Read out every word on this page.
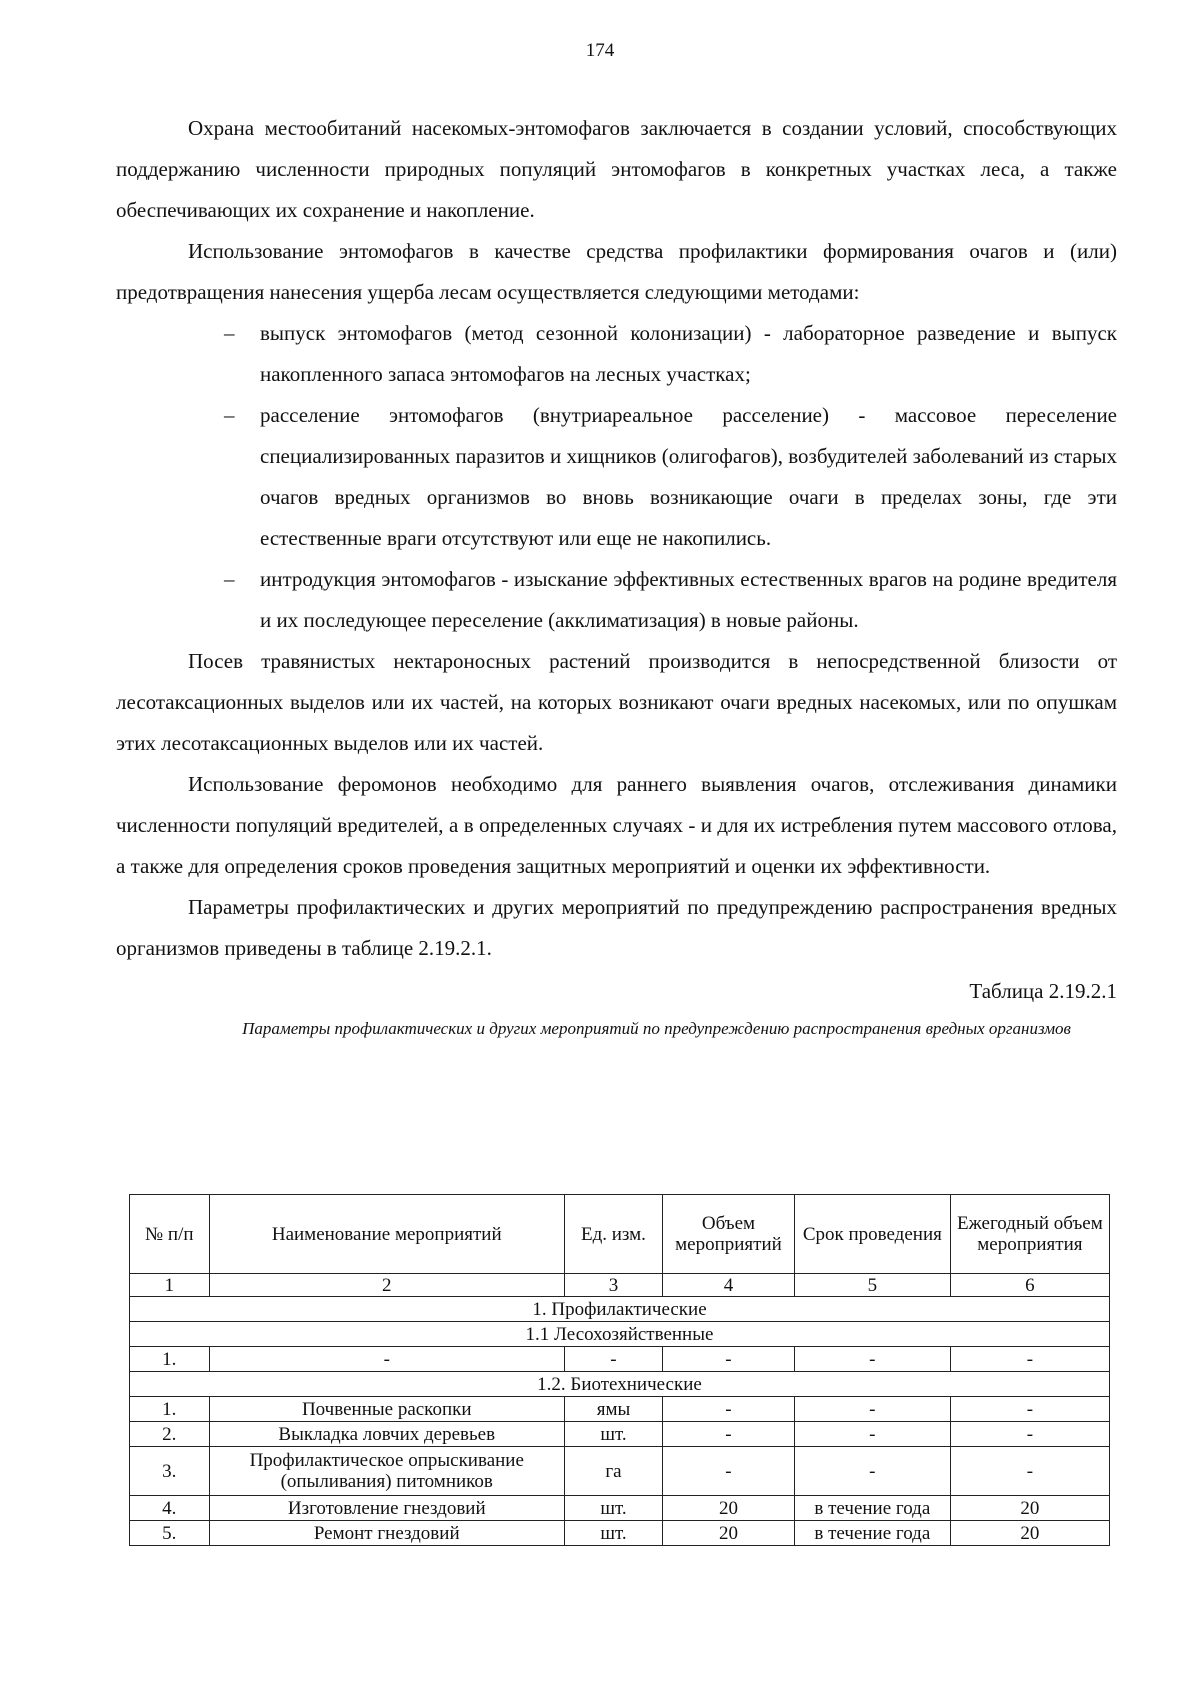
174

Охрана местообитаний насекомых-энтомофагов заключается в создании условий, способствующих поддержанию численности природных популяций энтомофагов в конкретных участках леса, а также обеспечивающих их сохранение и накопление.

Использование энтомофагов в качестве средства профилактики формирования очагов и (или) предотвращения нанесения ущерба лесам осуществляется следующими методами:

– выпуск энтомофагов (метод сезонной колонизации) - лабораторное разведение и выпуск накопленного запаса энтомофагов на лесных участках;
– расселение энтомофагов (внутриареальное расселение) - массовое переселение специализированных паразитов и хищников (олигофагов), возбудителей заболеваний из старых очагов вредных организмов во вновь возникающие очаги в пределах зоны, где эти естественные враги отсутствуют или еще не накопились.
– интродукция энтомофагов - изыскание эффективных естественных врагов на родине вредителя и их последующее переселение (акклиматизация) в новые районы.

Посев травянистых нектароносных растений производится в непосредственной близости от лесотаксационных выделов или их частей, на которых возникают очаги вредных насекомых, или по опушкам этих лесотаксационных выделов или их частей.

Использование феромонов необходимо для раннего выявления очагов, отслеживания динамики численности популяций вредителей, а в определенных случаях - и для их истребления путем массового отлова, а также для определения сроков проведения защитных мероприятий и оценки их эффективности.

Параметры профилактических и других мероприятий по предупреждению распространения вредных организмов приведены в таблице 2.19.2.1.

Таблица 2.19.2.1

Параметры профилактических и других мероприятий по предупреждению распространения вредных организмов

№ п/п	Наименование мероприятий	Ед. изм.	Объем мероприятий	Срок проведения	Ежегодный объем мероприятия
1	2	3	4	5	6
1. Профилактические					
1.1 Лесохозяйственные					
1.	-	-	-	-	-
1.2. Биотехнические					
1.	Почвенные раскопки	ямы	-	-	-
2.	Выкладка ловчих деревьев	шт.	-	-	-
3.	Профилактическое опрыскивание (опыливания) питомников	га	-	-	-
4.	Изготовление гнездовий	шт.	20	в течение года	20
5.	Ремонт гнездовий	шт.	20	в течение года	20
